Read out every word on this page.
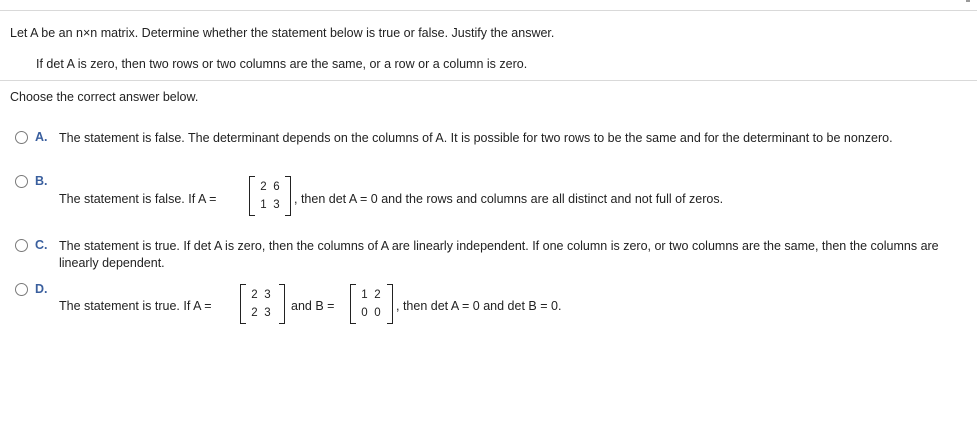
Let A be an n×n matrix. Determine whether the statement below is true or false. Justify the answer.
If det A is zero, then two rows or two columns are the same, or a row or a column is zero.
Choose the correct answer below.
A. The statement is false. The determinant depends on the columns of A. It is possible for two rows to be the same and for the determinant to be nonzero.
B.
The statement is false. If A =
2 6
1 3 , then det A = 0 and the rows and columns are all distinct and not full of zeros.
C. The statement is true. If det A is zero, then the columns of A are linearly independent. If one column is zero, or two columns are the same, then the columns are linearly dependent.
D.
The statement is true. If A =
2 3
2 3 and B =
1 2
0 0 , then det A = 0 and det B = 0.
